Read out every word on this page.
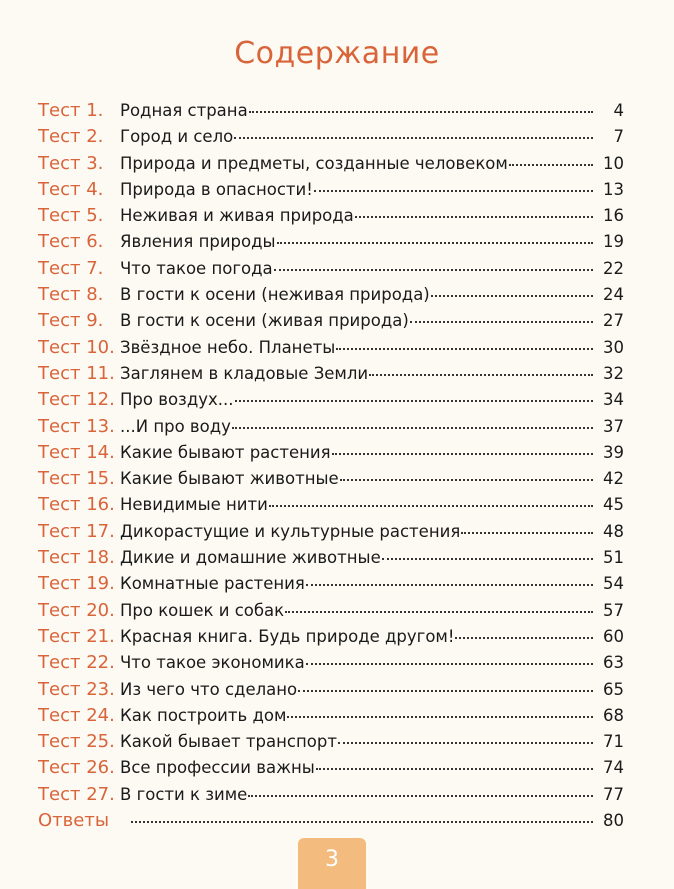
Содержание
Тест 1.	Родная страна	4
Тест 2.	Город и село	7
Тест 3.	Природа и предметы, созданные человеком	10
Тест 4.	Природа в опасности!	13
Тест 5.	Неживая и живая природа	16
Тест 6.	Явления природы	19
Тест 7.	Что такое погода	22
Тест 8.	В гости к осени (неживая природа)	24
Тест 9.	В гости к осени (живая природа)	27
Тест 10. Звёздное небо. Планеты	30
Тест 11. Заглянем в кладовые Земли	32
Тест 12. Про воздух...	34
Тест 13. ...И про воду	37
Тест 14. Какие бывают растения	39
Тест 15. Какие бывают животные	42
Тест 16. Невидимые нити	45
Тест 17. Дикорастущие и культурные растения	48
Тест 18. Дикие и домашние животные	51
Тест 19. Комнатные растения	54
Тест 20. Про кошек и собак	57
Тест 21. Красная книга. Будь природе другом!	60
Тест 22. Что такое экономика	63
Тест 23. Из чего что сделано	65
Тест 24. Как построить дом	68
Тест 25. Какой бывает транспорт	71
Тест 26. Все профессии важны	74
Тест 27. В гости к зиме	77
Ответы	80
3
